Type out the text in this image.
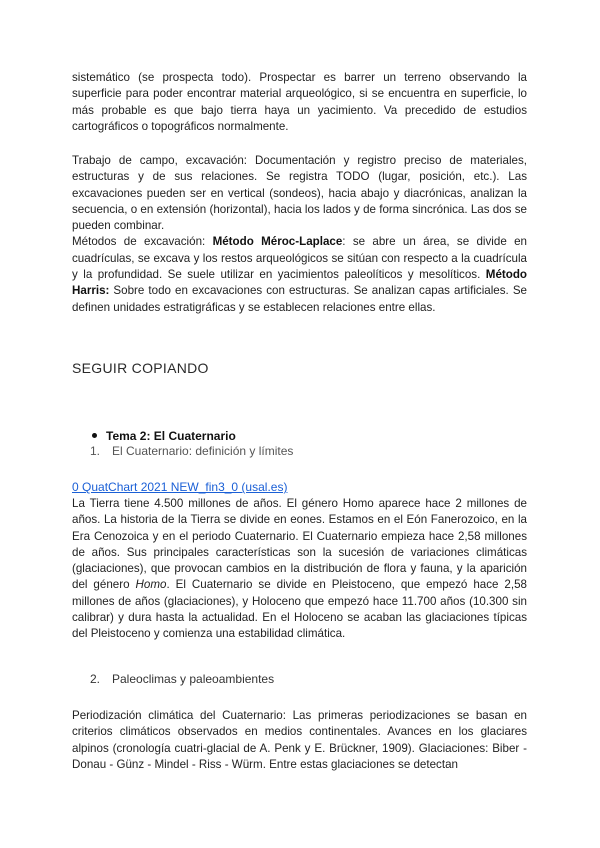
sistemático (se prospecta todo). Prospectar es barrer un terreno observando la superficie para poder encontrar material arqueológico, si se encuentra en superficie, lo más probable es que bajo tierra haya un yacimiento. Va precedido de estudios cartográficos o topográficos normalmente.

Trabajo de campo, excavación: Documentación y registro preciso de materiales, estructuras y de sus relaciones. Se registra TODO (lugar, posición, etc.). Las excavaciones pueden ser en vertical (sondeos), hacia abajo y diacrónicas, analizan la secuencia, o en extensión (horizontal), hacia los lados y de forma sincrónica. Las dos se pueden combinar.

Métodos de excavación: Método Méroc-Laplace: se abre un área, se divide en cuadrículas, se excava y los restos arqueológicos se sitúan con respecto a la cuadrícula y la profundidad. Se suele utilizar en yacimientos paleolíticos y mesolíticos. Método Harris: Sobre todo en excavaciones con estructuras. Se analizan capas artificiales. Se definen unidades estratigráficas y se establecen relaciones entre ellas.

SEGUIR COPIANDO
Tema 2: El Cuaternario
1. El Cuaternario: definición y límites
0 QuatChart 2021 NEW_fin3_0 (usal.es)

La Tierra tiene 4.500 millones de años. El género Homo aparece hace 2 millones de años. La historia de la Tierra se divide en eones. Estamos en el Eón Fanerozoico, en la Era Cenozoica y en el periodo Cuaternario. El Cuaternario empieza hace 2,58 millones de años. Sus principales características son la sucesión de variaciones climáticas (glaciaciones), que provocan cambios en la distribución de flora y fauna, y la aparición del género Homo. El Cuaternario se divide en Pleistoceno, que empezó hace 2,58 millones de años (glaciaciones), y Holoceno que empezó hace 11.700 años (10.300 sin calibrar) y dura hasta la actualidad. En el Holoceno se acaban las glaciaciones típicas del Pleistoceno y comienza una estabilidad climática.

2. Paleoclimas y paleoambientes

Periodización climática del Cuaternario: Las primeras periodizaciones se basan en criterios climáticos observados en medios continentales. Avances en los glaciares alpinos (cronología cuatri-glacial de A. Penk y E. Brückner, 1909). Glaciaciones: Biber - Donau - Günz - Mindel - Riss - Würm. Entre estas glaciaciones se detectan
